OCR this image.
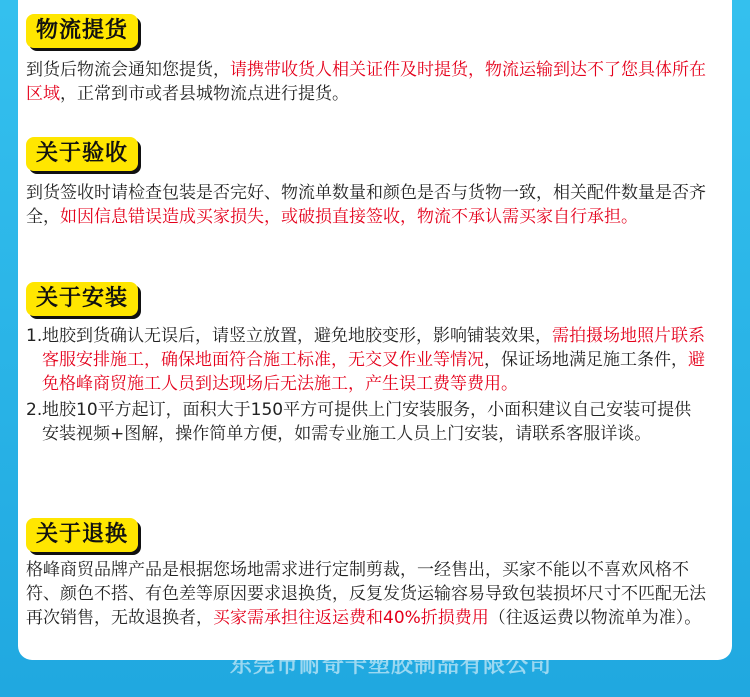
物流提货
到货后物流会通知您提货，请携带收货人相关证件及时提货，物流运输到达不了您具体所在区域，正常到市或者县城物流点进行提货。
关于验收
到货签收时请检查包装是否完好、物流单数量和颜色是否与货物一致，相关配件数量是否齐全，如因信息错误造成买家损失，或破损直接签收，物流不承认需买家自行承担。
关于安装
1. 地胶到货确认无误后，请竖立放置，避免地胶变形，影响铺装效果，需拍摄场地照片联系客服安排施工，确保地面符合施工标准，无交叉作业等情况，保证场地满足施工条件，避免格峰商贸施工人员到达现场后无法施工，产生误工费等费用。
2. 地胶10平方起订，面积大于150平方可提供上门安装服务，小面积建议自己安装可提供安装视频+图解，操作简单方便，如需专业施工人员上门安装，请联系客服详谈。
关于退换
格峰商贸品牌产品是根据您场地需求进行定制剪裁，一经售出，买家不能以不喜欢风格不符、颜色不搭、有色差等原因要求退换货，反复发货运输容易导致包装损坏尺寸不匹配无法再次销售，无故退换者，买家需承担往返运费和40%折损费用（往返运费以物流单为准）。
东莞市耐奇卡塑胶制品有限公司
